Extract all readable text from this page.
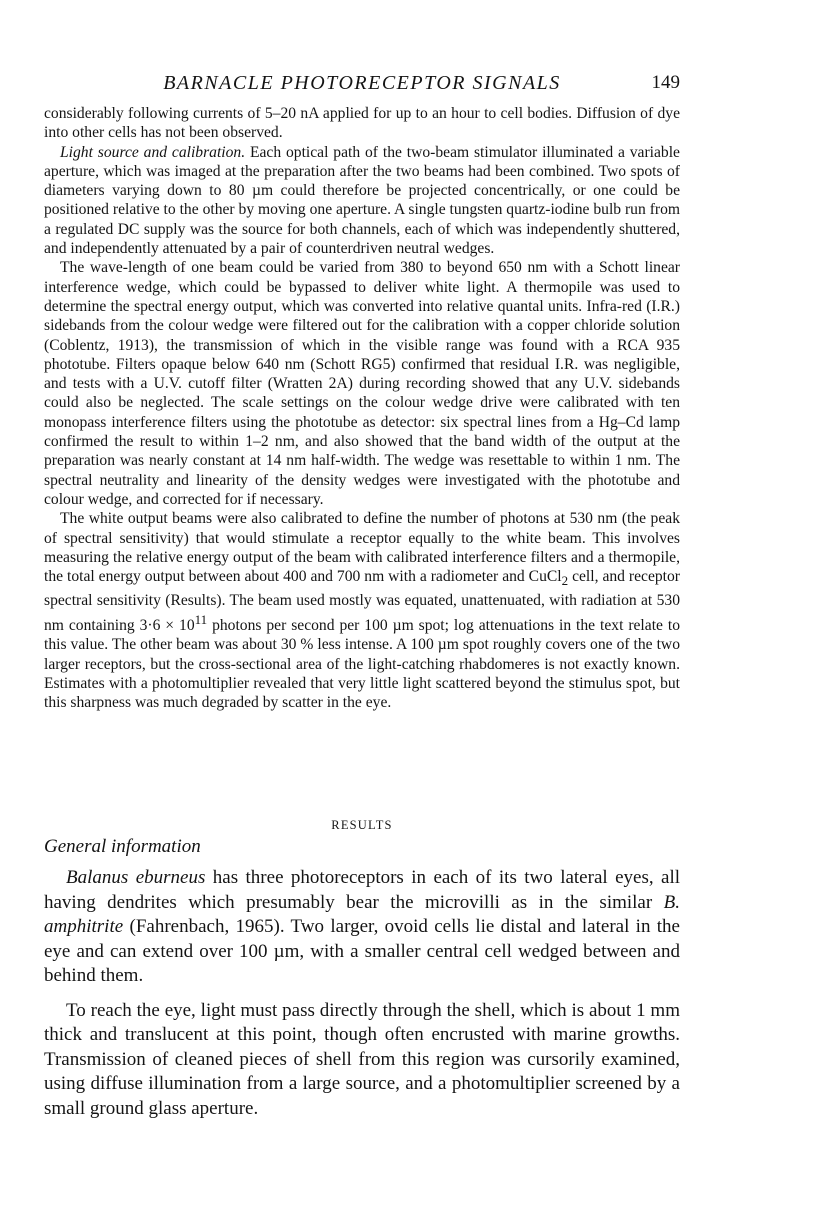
BARNACLE PHOTORECEPTOR SIGNALS	149

considerably following currents of 5–20 nA applied for up to an hour to cell bodies. Diffusion of dye into other cells has not been observed.

Light source and calibration. Each optical path of the two-beam stimulator illuminated a variable aperture, which was imaged at the preparation after the two beams had been combined. Two spots of diameters varying down to 80 µm could therefore be projected concentrically, or one could be positioned relative to the other by moving one aperture. A single tungsten quartz-iodine bulb run from a regulated DC supply was the source for both channels, each of which was independently shuttered, and independently attenuated by a pair of counterdriven neutral wedges.

The wave-length of one beam could be varied from 380 to beyond 650 nm with a Schott linear interference wedge, which could be bypassed to deliver white light. A thermopile was used to determine the spectral energy output, which was converted into relative quantal units. Infra-red (I.R.) sidebands from the colour wedge were filtered out for the calibration with a copper chloride solution (Coblentz, 1913), the transmission of which in the visible range was found with a RCA 935 phototube. Filters opaque below 640 nm (Schott RG5) confirmed that residual I.R. was negligible, and tests with a U.V. cutoff filter (Wratten 2A) during recording showed that any U.V. sidebands could also be neglected. The scale settings on the colour wedge drive were calibrated with ten monopass interference filters using the phototube as detector: six spectral lines from a Hg–Cd lamp confirmed the result to within 1–2 nm, and also showed that the band width of the output at the preparation was nearly constant at 14 nm half-width. The wedge was resettable to within 1 nm. The spectral neutrality and linearity of the density wedges were investigated with the phototube and colour wedge, and corrected for if necessary.

The white output beams were also calibrated to define the number of photons at 530 nm (the peak of spectral sensitivity) that would stimulate a receptor equally to the white beam. This involves measuring the relative energy output of the beam with calibrated interference filters and a thermopile, the total energy output between about 400 and 700 nm with a radiometer and CuCl$_2$ cell, and receptor spectral sensitivity (Results). The beam used mostly was equated, unattenuated, with radiation at 530 nm containing $3\cdot 6 \times 10^{11}$ photons per second per 100 µm spot; log attenuations in the text relate to this value. The other beam was about 30 % less intense. A 100 µm spot roughly covers one of the two larger receptors, but the cross-sectional area of the light-catching rhabdomeres is not exactly known. Estimates with a photomultiplier revealed that very little light scattered beyond the stimulus spot, but this sharpness was much degraded by scatter in the eye.

RESULTS
General information

Balanus eburneus has three photoreceptors in each of its two lateral eyes, all having dendrites which presumably bear the microvilli as in the similar B. amphitrite (Fahrenbach, 1965). Two larger, ovoid cells lie distal and lateral in the eye and can extend over 100 µm, with a smaller central cell wedged between and behind them.

To reach the eye, light must pass directly through the shell, which is about 1 mm thick and translucent at this point, though often encrusted with marine growths. Transmission of cleaned pieces of shell from this region was cursorily examined, using diffuse illumination from a large source, and a photomultiplier screened by a small ground glass aperture.
